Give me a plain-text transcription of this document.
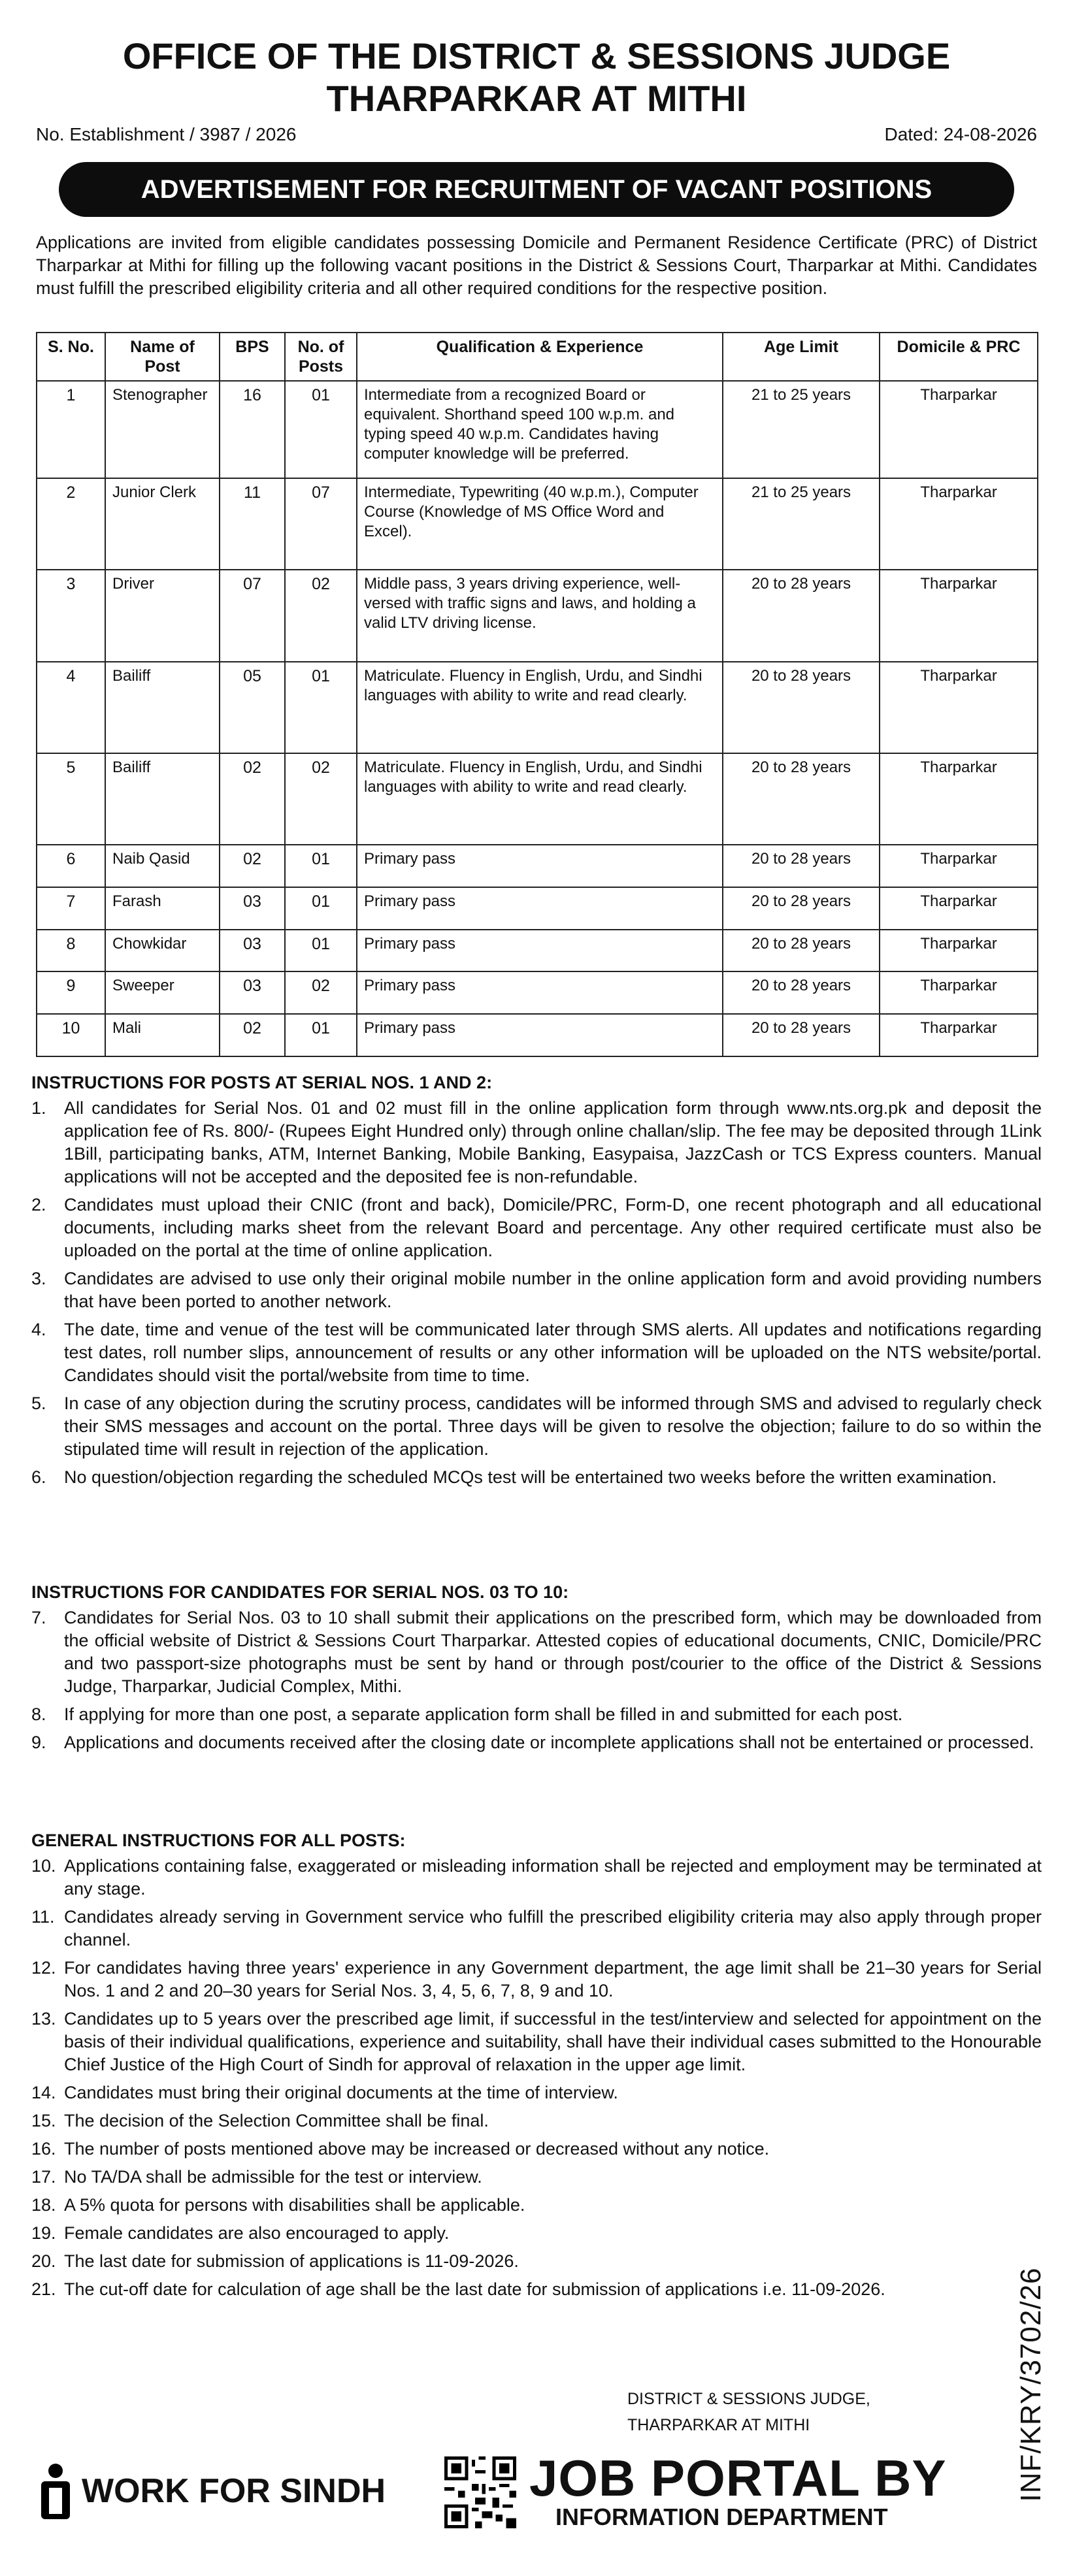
OFFICE OF THE DISTRICT & SESSIONS JUDGE
THARPARKAR AT MITHI
No. Establishment / 3987 / 2026	Dated: 24-08-2026
ADVERTISEMENT FOR RECRUITMENT OF VACANT POSITIONS
Applications are invited from eligible candidates possessing Domicile and Permanent Residence Certificate (PRC) of District Tharparkar at Mithi for filling up the following vacant positions in the District & Sessions Court, Tharparkar at Mithi. Candidates must fulfill the prescribed eligibility criteria and all other required conditions for the respective position.
S. No.	Name of Post	BPS	No. of Posts	Qualification & Experience	Age Limit	Domicile & PRC
1	Stenographer	16	01	Intermediate from a recognized Board or equivalent. Shorthand speed 100 w.p.m. and typing speed 40 w.p.m. Candidates having computer knowledge will be preferred.	21 to 25 years	Tharparkar
2	Junior Clerk	11	07	Intermediate, Typewriting (40 w.p.m.), Computer Course (Knowledge of MS Office Word and Excel).	21 to 25 years	Tharparkar
3	Driver	07	02	Middle pass, 3 years driving experience, well-versed with traffic signs and laws, and holding a valid LTV driving license.	20 to 28 years	Tharparkar
4	Bailiff	05	01	Matriculate. Fluency in English, Urdu, and Sindhi languages with ability to write and read clearly.	20 to 28 years	Tharparkar
5	Bailiff	02	02	Matriculate. Fluency in English, Urdu, and Sindhi languages with ability to write and read clearly.	20 to 28 years	Tharparkar
6	Naib Qasid	02	01	Primary pass	20 to 28 years	Tharparkar
7	Farash	03	01	Primary pass	20 to 28 years	Tharparkar
8	Chowkidar	03	01	Primary pass	20 to 28 years	Tharparkar
9	Sweeper	03	02	Primary pass	20 to 28 years	Tharparkar
10	Mali	02	01	Primary pass	20 to 28 years	Tharparkar
INSTRUCTIONS FOR POSTS AT SERIAL NOS. 1 AND 2:
1.	All candidates for Serial Nos. 01 and 02 must fill in the online application form through www.nts.org.pk and deposit the application fee of Rs. 800/- (Rupees Eight Hundred only) through online challan/slip. The fee may be deposited through 1Link 1Bill, participating banks, ATM, Internet Banking, Mobile Banking, Easypaisa, JazzCash or TCS Express counters. Manual applications will not be accepted and the deposited fee is non-refundable.
2.	Candidates must upload their CNIC (front and back), Domicile/PRC, Form-D, one recent photograph and all educational documents, including marks sheet from the relevant Board and percentage. Any other required certificate must also be uploaded on the portal at the time of online application.
3.	Candidates are advised to use only their original mobile number in the online application form and avoid providing numbers that have been ported to another network.
4.	The date, time and venue of the test will be communicated later through SMS alerts. All updates and notifications regarding test dates, roll number slips, announcement of results or any other information will be uploaded on the NTS website/portal. Candidates should visit the portal/website from time to time.
5.	In case of any objection during the scrutiny process, candidates will be informed through SMS and advised to regularly check their SMS messages and account on the portal. Three days will be given to resolve the objection; failure to do so within the stipulated time will result in rejection of the application.
6.	No question/objection regarding the scheduled MCQs test will be entertained two weeks before the written examination.
INSTRUCTIONS FOR CANDIDATES FOR SERIAL NOS. 03 TO 10:
7.	Candidates for Serial Nos. 03 to 10 shall submit their applications on the prescribed form, which may be downloaded from the official website of District & Sessions Court Tharparkar. Attested copies of educational documents, CNIC, Domicile/PRC and two passport-size photographs must be sent by hand or through post/courier to the office of the District & Sessions Judge, Tharparkar, Judicial Complex, Mithi.
8.	If applying for more than one post, a separate application form shall be filled in and submitted for each post.
9.	Applications and documents received after the closing date or incomplete applications shall not be entertained or processed.
GENERAL INSTRUCTIONS FOR ALL POSTS:
10. Applications containing false, exaggerated or misleading information shall be rejected and employment may be terminated at any stage.
11. Candidates already serving in Government service who fulfill the prescribed eligibility criteria may also apply through proper channel.
12. For candidates having three years' experience in any Government department, the age limit shall be 21–30 years for Serial Nos. 1 and 2 and 20–30 years for Serial Nos. 3, 4, 5, 6, 7, 8, 9 and 10.
13. Candidates up to 5 years over the prescribed age limit, if successful in the test/interview and selected for appointment on the basis of their individual qualifications, experience and suitability, shall have their individual cases submitted to the Honourable Chief Justice of the High Court of Sindh for approval of relaxation in the upper age limit.
14. Candidates must bring their original documents at the time of interview.
15. The decision of the Selection Committee shall be final.
16. The number of posts mentioned above may be increased or decreased without any notice.
17. No TA/DA shall be admissible for the test or interview.
18. A 5% quota for persons with disabilities shall be applicable.
19. Female candidates are also encouraged to apply.
20. The last date for submission of applications is 11-09-2026.
21. The cut-off date for calculation of age shall be the last date for submission of applications i.e. 11-09-2026.
DISTRICT & SESSIONS JUDGE,
THARPARKAR AT MITHI	INF/KRY/3702/26
WORK FOR SINDH	JOB PORTAL BY
INFORMATION DEPARTMENT
